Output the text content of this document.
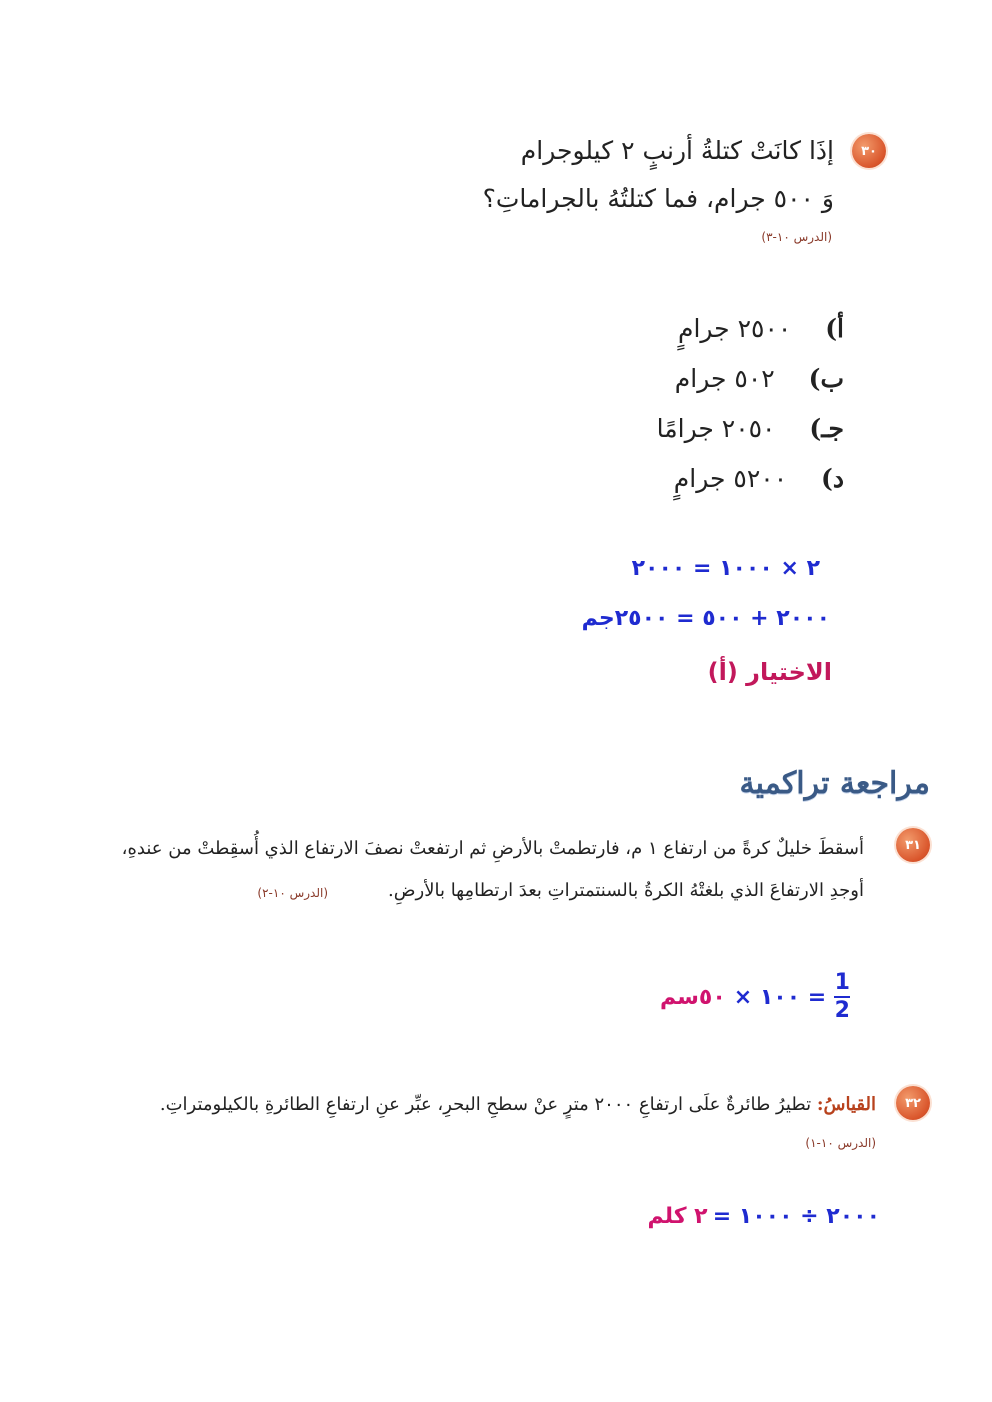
٣٠
إذَا كانَتْ كتلةُ أرنبٍ ٢ كيلوجرام
وَ ٥٠٠ جرام، فما كتلتُهُ بالجراماتِ؟
(الدرس ١٠-٣)
أ)  ٢٥٠٠ جرامٍ
ب)  ٥٠٢ جرام
جـ)  ٢٠٥٠ جرامًا
د)  ٥٢٠٠ جرامٍ
٢ × ١٠٠٠ = ٢٠٠٠
٢٠٠٠ + ٥٠٠ = ٢٥٠٠جم
الاختيار (أ)
مراجعة تراكمية
٣١
أسقطَ خليلٌ كرةً من ارتفاع ١ م، فارتطمتْ بالأرضِ ثم ارتفعتْ نصفَ الارتفاع الذي أُسقِطتْ من عندهِ،
أوجدِ الارتفاعَ الذي بلغتْهُ الكرةُ بالسنتمتراتِ بعدَ ارتطامِها بالأرضِ.
(الدرس ١٠-٢)
٥٠سم × ١٠٠ = $\frac{1}{2}$
٣٢
القياسُ: تطيرُ طائرةٌ علَى ارتفاعِ ٢٠٠٠ مترٍ عنْ سطحِ البحرِ، عبِّر عنِ ارتفاعِ الطائرةِ بالكيلومتراتِ.
(الدرس ١٠-١)
٢٠٠٠ ÷ ١٠٠٠ = ٢ كلم
